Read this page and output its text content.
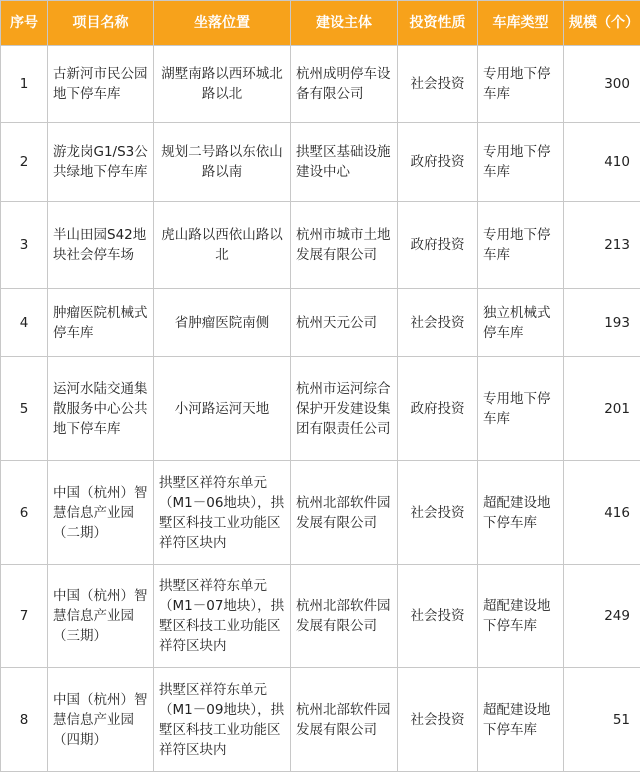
序号	项目名称	坐落位置	建设主体	投资性质	车库类型	规模（个）
1	古新河市民公园地下停车库	湖墅南路以西环城北路以北	杭州成明停车设备有限公司	社会投资	专用地下停车库	300
2	游龙岗G1/S3公共绿地下停车库	规划二号路以东依山路以南	拱墅区基础设施建设中心	政府投资	专用地下停车库	410
3	半山田园S42地块社会停车场	虎山路以西依山路以北	杭州市城市土地发展有限公司	政府投资	专用地下停车库	213
4	肿瘤医院机械式停车库	省肿瘤医院南侧	杭州天元公司	社会投资	独立机械式停车库	193
5	运河水陆交通集散服务中心公共地下停车库	小河路运河天地	杭州市运河综合保护开发建设集团有限责任公司	政府投资	专用地下停车库	201
6	中国（杭州）智慧信息产业园（二期）	拱墅区祥符东单元（M1－06地块），拱墅区科技工业功能区祥符区块内	杭州北部软件园发展有限公司	社会投资	超配建设地下停车库	416
7	中国（杭州）智慧信息产业园（三期）	拱墅区祥符东单元（M1－07地块），拱墅区科技工业功能区祥符区块内	杭州北部软件园发展有限公司	社会投资	超配建设地下停车库	249
8	中国（杭州）智慧信息产业园（四期）	拱墅区祥符东单元（M1－09地块），拱墅区科技工业功能区祥符区块内	杭州北部软件园发展有限公司	社会投资	超配建设地下停车库	51
